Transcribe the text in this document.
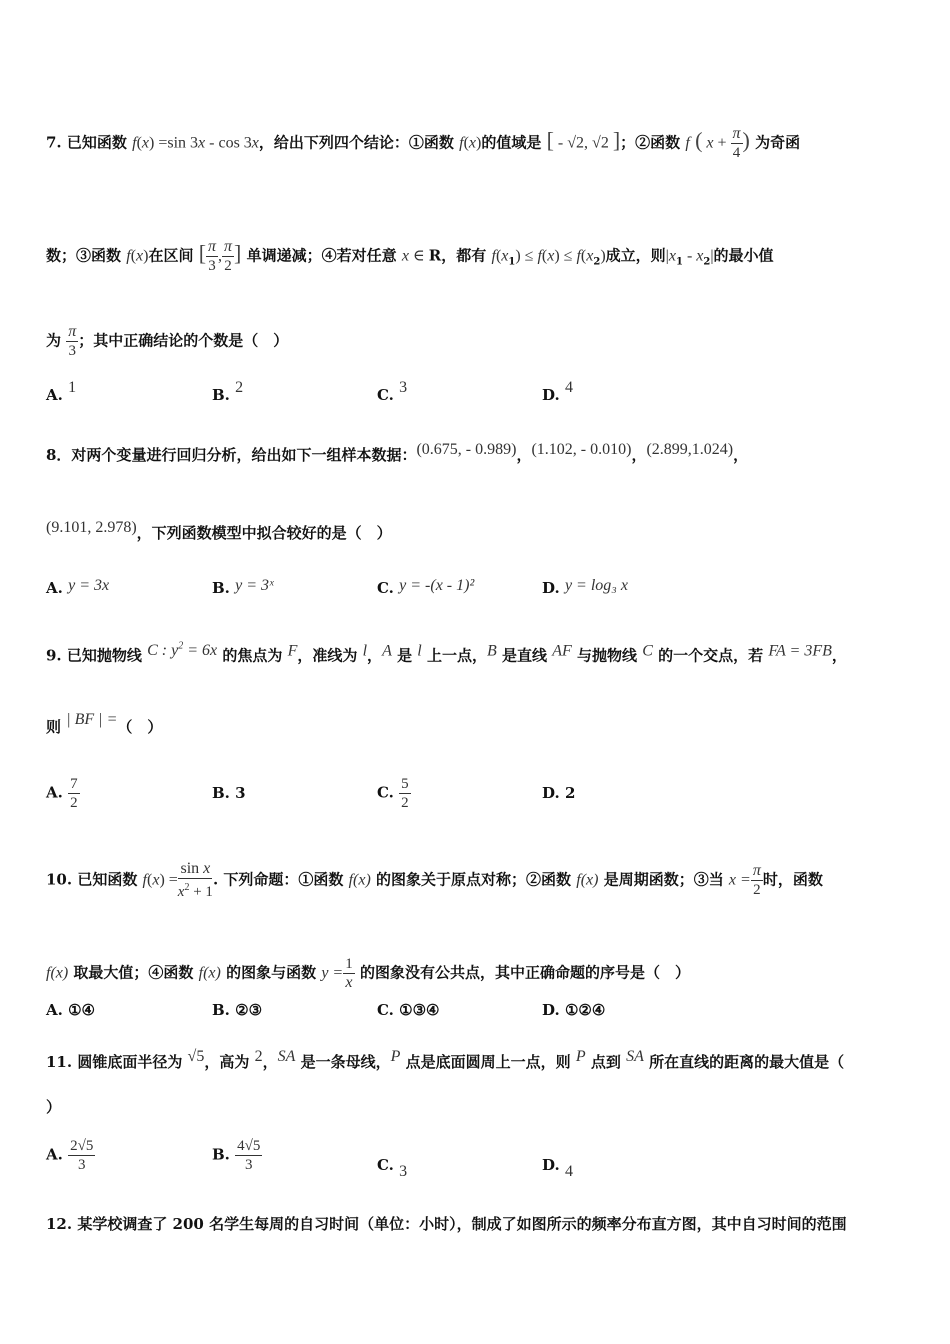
7. 已知函数 f(x) =sin 3x - cos 3x，给出下列四个结论：①函数 f(x)的值域是 [ - √2, √2 ]；②函数 f ( $x + \frac{\pi}{4}$ ) 为奇函
数；③函数 f(x)在区间 [ $\frac{\pi}{3}$ , $\frac{\pi}{2}$ ] 单调递减；④若对任意 x ∈ R，都有 $f(x_1) \le f(x) \le f(x_2)$成立，则$|x_1 - x_2|$的最小值
为 $\frac{\pi}{3}$ ；其中正确结论的个数是（　）
A. 1	B. 2	C. 3	D. 4
8．对两个变量进行回归分析，给出如下一组样本数据：(0.675, - 0.989)，(1.102, - 0.010)，(2.899,1.024)，
(9.101, 2.978)，下列函数模型中拟合较好的是（　）
A. y = 3x	B. y = 3ˣ	C. y = -(x - 1)²	D. y = log₃ x
9. 已知抛物线 C : $y^2 = 6x$ 的焦点为 F，准线为 l，A 是 l 上一点，B 是直线 AF 与抛物线 C 的一个交点，若 FA = 3FB，
则 | BF | =（　）
A. $\frac{7}{2}$	B. 3	C. $\frac{5}{2}$	D. 2
10. 已知函数 $f(x) = \frac{\text{sin x}}{x^2 + 1}$ . 下列命题：①函数 f(x) 的图象关于原点对称；②函数 f(x) 是周期函数；③当 $x = \frac{\pi}{2}$ 时，函数
f(x) 取最大值；④函数 f(x) 的图象与函数 $y = \frac{1}{x}$ 的图象没有公共点，其中正确命题的序号是（　）
A. ①④	B. ②③	C. ①③④	D. ①②④
11. 圆锥底面半径为 √5，高为 2，SA 是一条母线，P 点是底面圆周上一点，则 P 点到 SA 所在直线的距离的最大值是（
）
A. $\frac{2√5}{3}$	B. $\frac{4√5}{3}$	C. 3	D. 4
12. 某学校调查了 200 名学生每周的自习时间（单位：小时），制成了如图所示的频率分布直方图，其中自习时间的范围
